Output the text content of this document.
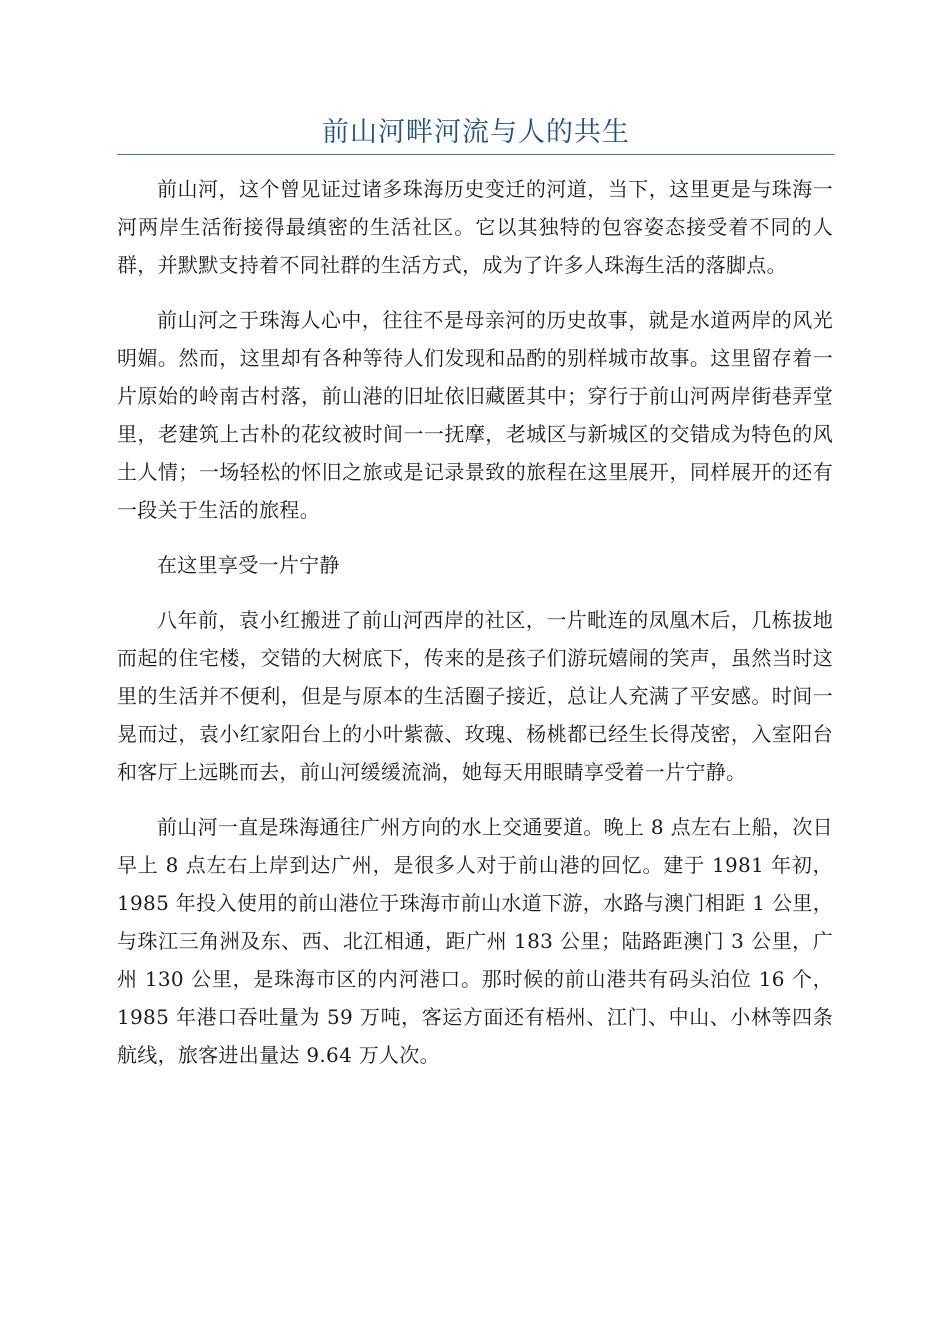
前山河畔河流与人的共生

前山河，这个曾见证过诸多珠海历史变迁的河道，当下，这里更是与珠海一河两岸生活衔接得最缜密的生活社区。它以其独特的包容姿态接受着不同的人群，并默默支持着不同社群的生活方式，成为了许多人珠海生活的落脚点。

前山河之于珠海人心中，往往不是母亲河的历史故事，就是水道两岸的风光明媚。然而，这里却有各种等待人们发现和品酌的别样城市故事。这里留存着一片原始的岭南古村落，前山港的旧址依旧藏匿其中；穿行于前山河两岸街巷弄堂里，老建筑上古朴的花纹被时间一一抚摩，老城区与新城区的交错成为特色的风土人情；一场轻松的怀旧之旅或是记录景致的旅程在这里展开，同样展开的还有一段关于生活的旅程。

在这里享受一片宁静

八年前，袁小红搬进了前山河西岸的社区，一片毗连的凤凰木后，几栋拔地而起的住宅楼，交错的大树底下，传来的是孩子们游玩嬉闹的笑声，虽然当时这里的生活并不便利，但是与原本的生活圈子接近，总让人充满了平安感。时间一晃而过，袁小红家阳台上的小叶紫薇、玫瑰、杨桃都已经生长得茂密，入室阳台和客厅上远眺而去，前山河缓缓流淌，她每天用眼睛享受着一片宁静。

前山河一直是珠海通往广州方向的水上交通要道。晚上 8 点左右上船，次日早上 8 点左右上岸到达广州，是很多人对于前山港的回忆。建于 1981 年初，1985 年投入使用的前山港位于珠海市前山水道下游，水路与澳门相距 1 公里，与珠江三角洲及东、西、北江相通，距广州 183 公里；陆路距澳门 3 公里，广州 130 公里，是珠海市区的内河港口。那时候的前山港共有码头泊位 16 个，1985 年港口吞吐量为 59 万吨，客运方面还有梧州、江门、中山、小林等四条航线，旅客进出量达 9.64 万人次。
